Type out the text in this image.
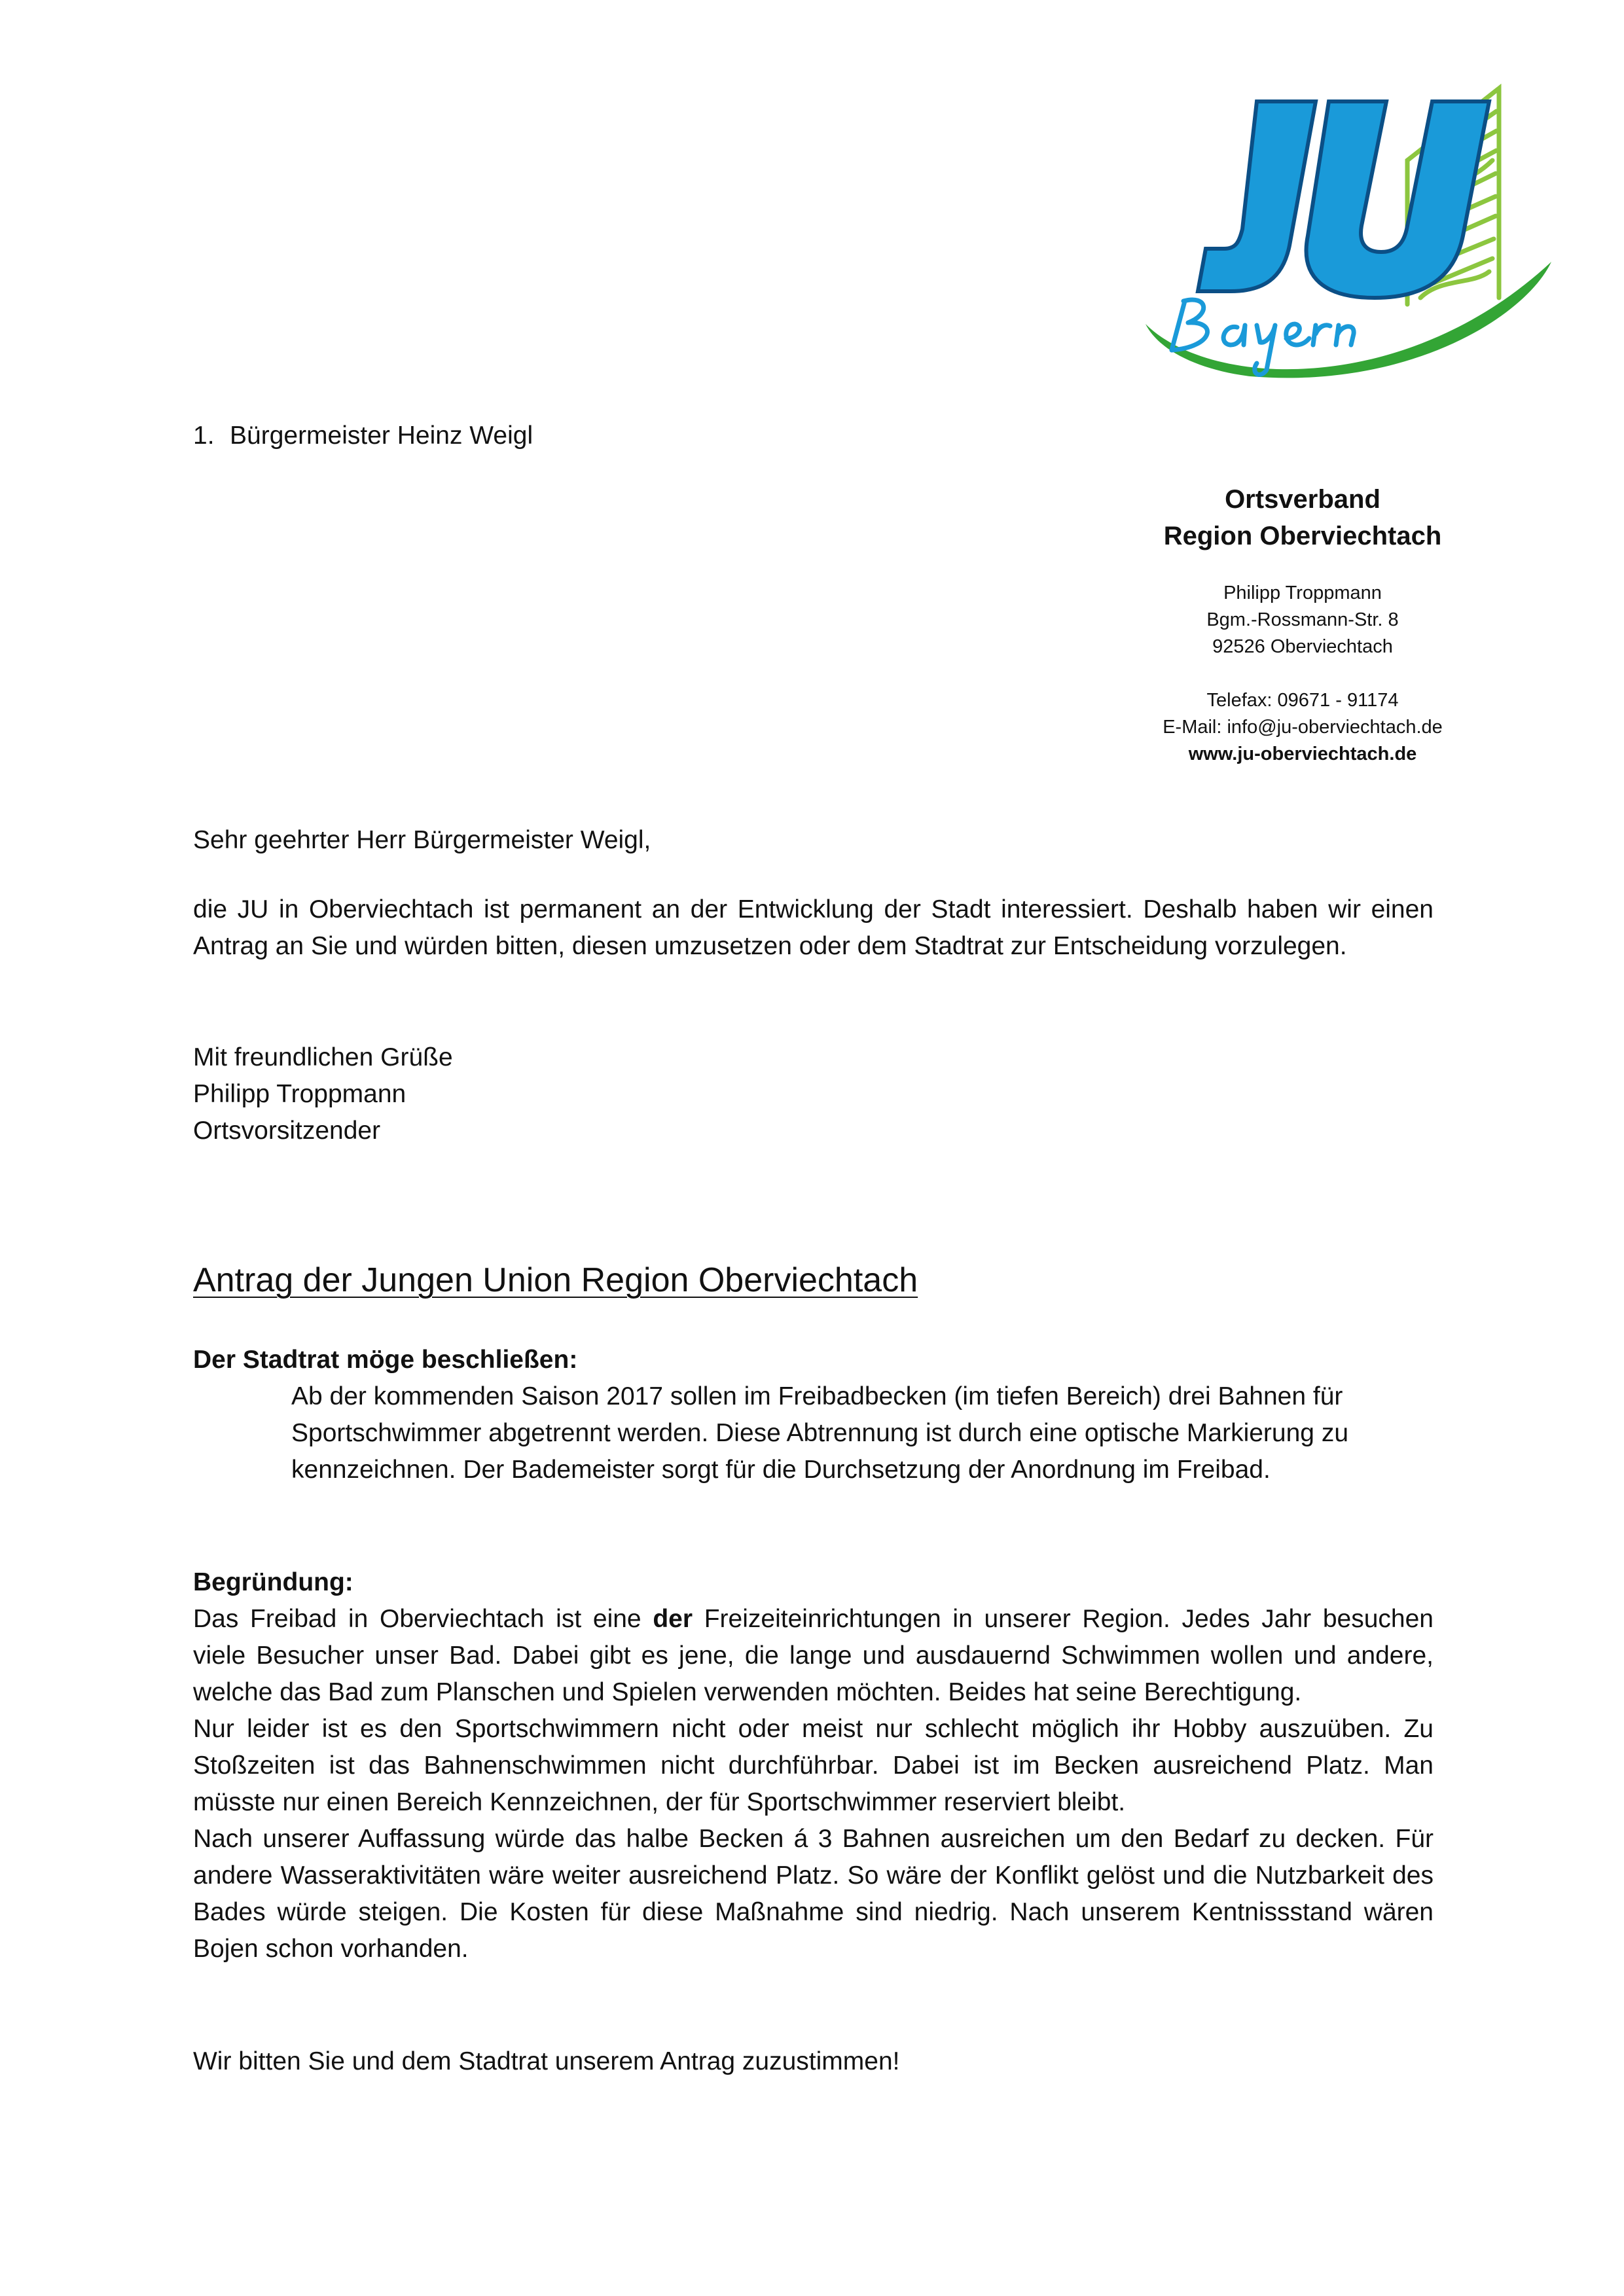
1. Bürgermeister Heinz Weigl
Ortsverband
Region Oberviechtach
Philipp Troppmann
Bgm.-Rossmann-Str. 8
92526 Oberviechtach
Telefax: 09671 - 91174
E-Mail: info@ju-oberviechtach.de
www.ju-oberviechtach.de
Sehr geehrter Herr Bürgermeister Weigl,
die JU in Oberviechtach ist permanent an der Entwicklung der Stadt interessiert. Deshalb haben wir einen Antrag an Sie und würden bitten, diesen umzusetzen oder dem Stadtrat zur Entscheidung vorzulegen.
Mit freundlichen Grüße
Philipp Troppmann
Ortsvorsitzender
Antrag der Jungen Union Region Oberviechtach
Der Stadtrat möge beschließen:
Ab der kommenden Saison 2017 sollen im Freibadbecken (im tiefen Bereich) drei Bahnen für Sportschwimmer abgetrennt werden. Diese Abtrennung ist durch eine optische Markierung zu kennzeichnen. Der Bademeister sorgt für die Durchsetzung der Anordnung im Freibad.
Begründung:

Das Freibad in Oberviechtach ist eine der Freizeiteinrichtungen in unserer Region. Jedes Jahr besuchen viele Besucher unser Bad. Dabei gibt es jene, die lange und ausdauernd Schwimmen wollen und andere, welche das Bad zum Planschen und Spielen verwenden möchten. Beides hat seine Berechtigung.

Nur leider ist es den Sportschwimmern nicht oder meist nur schlecht möglich ihr Hobby auszuüben. Zu Stoßzeiten ist das Bahnenschwimmen nicht durchführbar. Dabei ist im Becken ausreichend Platz. Man müsste nur einen Bereich Kennzeichnen, der für Sportschwimmer reserviert bleibt.

Nach unserer Auffassung würde das halbe Becken á 3 Bahnen ausreichen um den Bedarf zu decken. Für andere Wasseraktivitäten wäre weiter ausreichend Platz. So wäre der Konflikt gelöst und die Nutzbarkeit des Bades würde steigen. Die Kosten für diese Maßnahme sind niedrig. Nach unserem Kentnissstand wären Bojen schon vorhanden.

Wir bitten Sie und dem Stadtrat unserem Antrag zuzustimmen!
